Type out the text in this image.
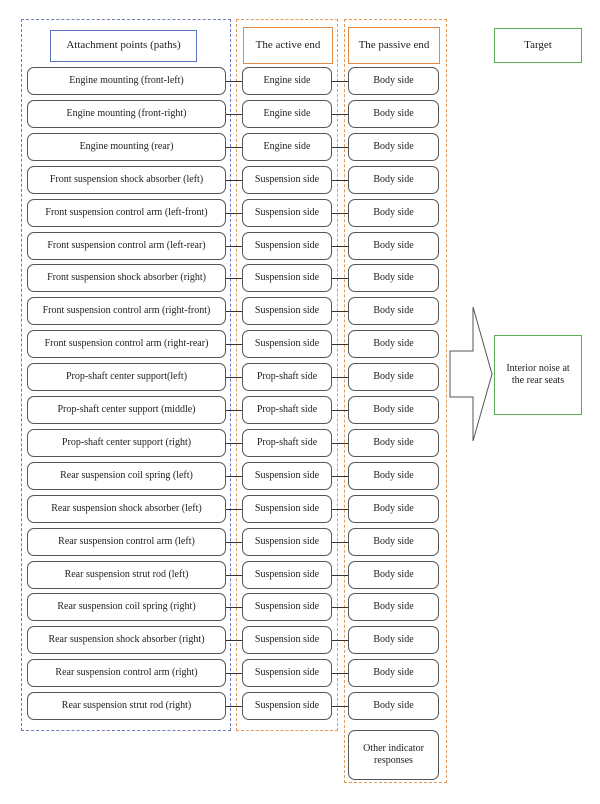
Attachment points (paths)	The active end	The passive end	Target
Engine mounting (front-left)	Engine side	Body side
Engine mounting (front-right)	Engine side	Body side
Engine mounting (rear)	Engine side	Body side
Front suspension shock absorber (left)	Suspension side	Body side
Front suspension control arm (left-front)	Suspension side	Body side
Front suspension control arm (left-rear)	Suspension side	Body side
Front suspension shock absorber (right)	Suspension side	Body side
Front suspension control arm (right-front)	Suspension side	Body side
Front suspension control arm (right-rear)	Suspension side	Body side
Prop-shaft center support(left)	Prop-shaft side	Body side
Prop-shaft center support (middle)	Prop-shaft side	Body side
Prop-shaft center support (right)	Prop-shaft side	Body side
Rear suspension coil spring (left)	Suspension side	Body side
Rear suspension shock absorber (left)	Suspension side	Body side
Rear suspension control arm (left)	Suspension side	Body side
Rear suspension strut rod (left)	Suspension side	Body side
Rear suspension coil spring (right)	Suspension side	Body side
Rear suspension shock absorber (right)	Suspension side	Body side
Rear suspension control arm (right)	Suspension side	Body side
Rear suspension strut rod (right)	Suspension side	Body side
Other indicator responses
Interior noise at the rear seats
